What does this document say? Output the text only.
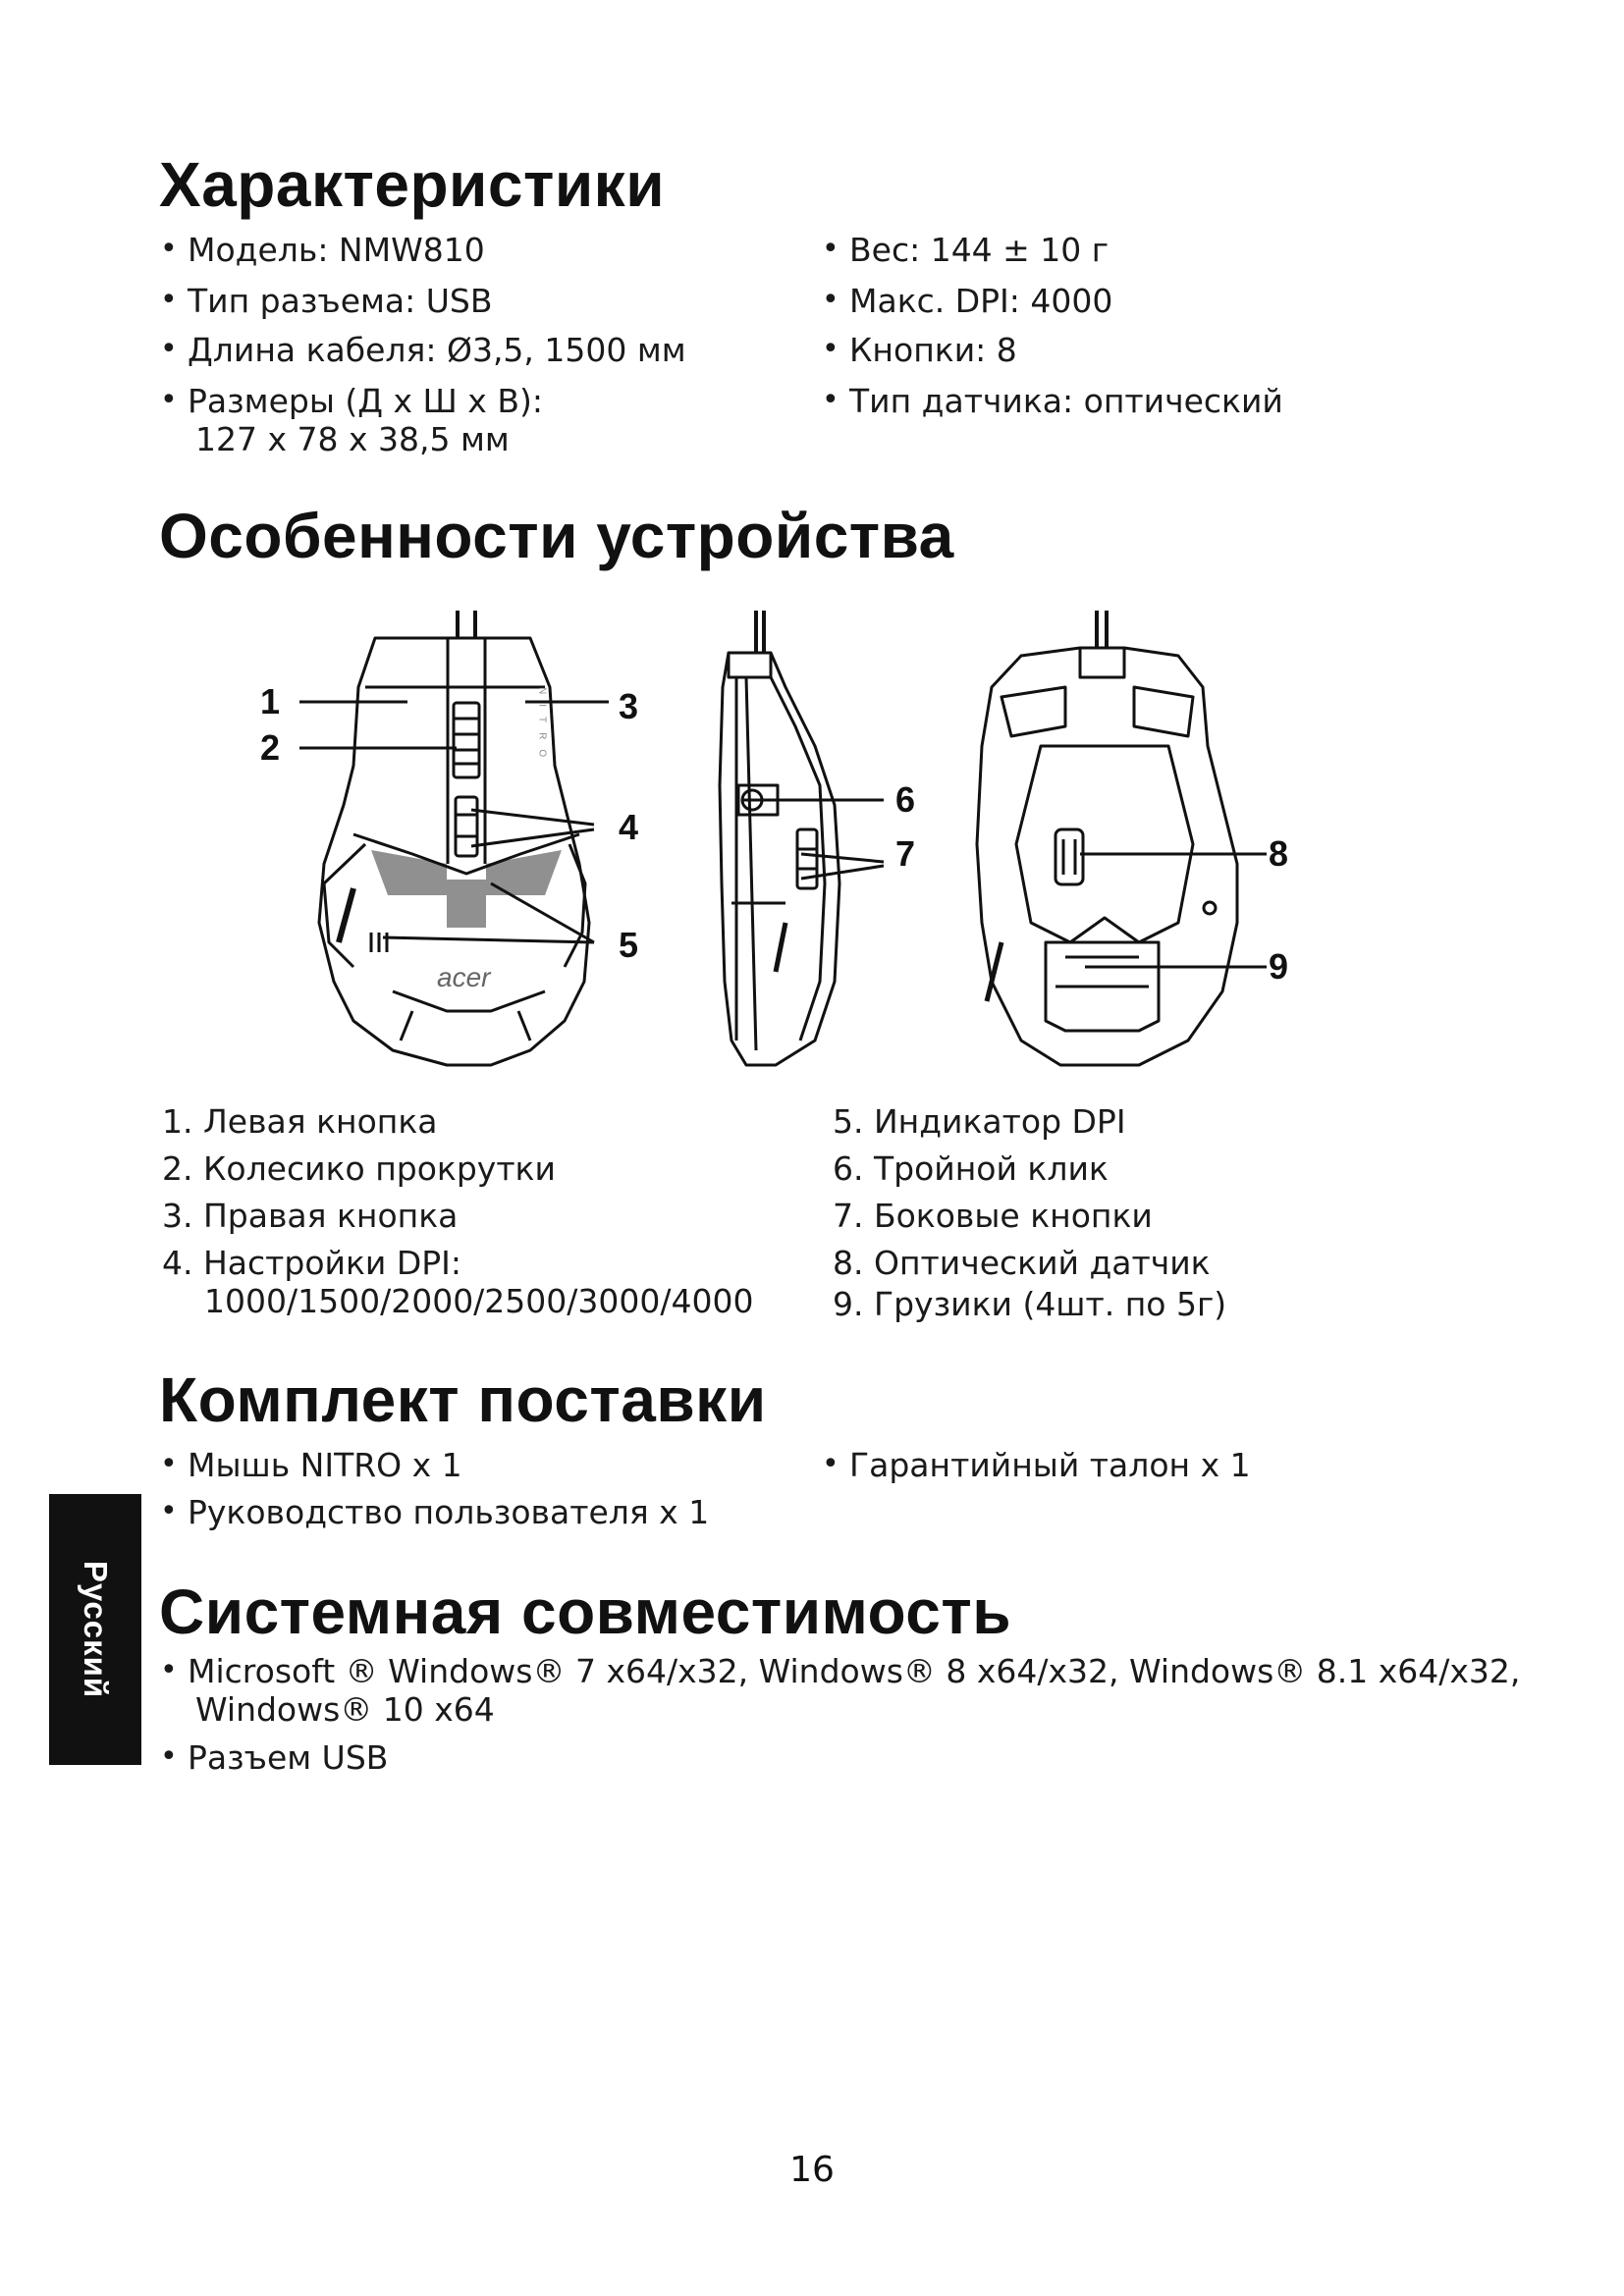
Характеристики
• Модель: NMW810
• Тип разъема: USB
• Длина кабеля: Ø3,5, 1500 мм
• Размеры (Д x Ш x В):
127 x 78 x 38,5 мм
• Вес: 144 ± 10 г
• Макс. DPI: 4000
• Кнопки: 8
• Тип датчика: оптический
Особенности устройства
1
2
3
4
5
6
7	8
9
acer
NITRO
1. Левая кнопка
2. Колесико прокрутки
3. Правая кнопка
4. Настройки DPI:
1000/1500/2000/2500/3000/4000
5. Индикатор DPI
6. Тройной клик
7. Боковые кнопки
8. Оптический датчик
9. Грузики (4шт. по 5г)
Комплект поставки
• Мышь NITRO x 1
• Руководство пользователя x 1
• Гарантийный талон x 1
Системная совместимость
• Microsoft ® Windows® 7 x64/x32, Windows® 8 x64/x32, Windows® 8.1 x64/x32,
Windows® 10 x64
• Разъем USB
Русский
16
